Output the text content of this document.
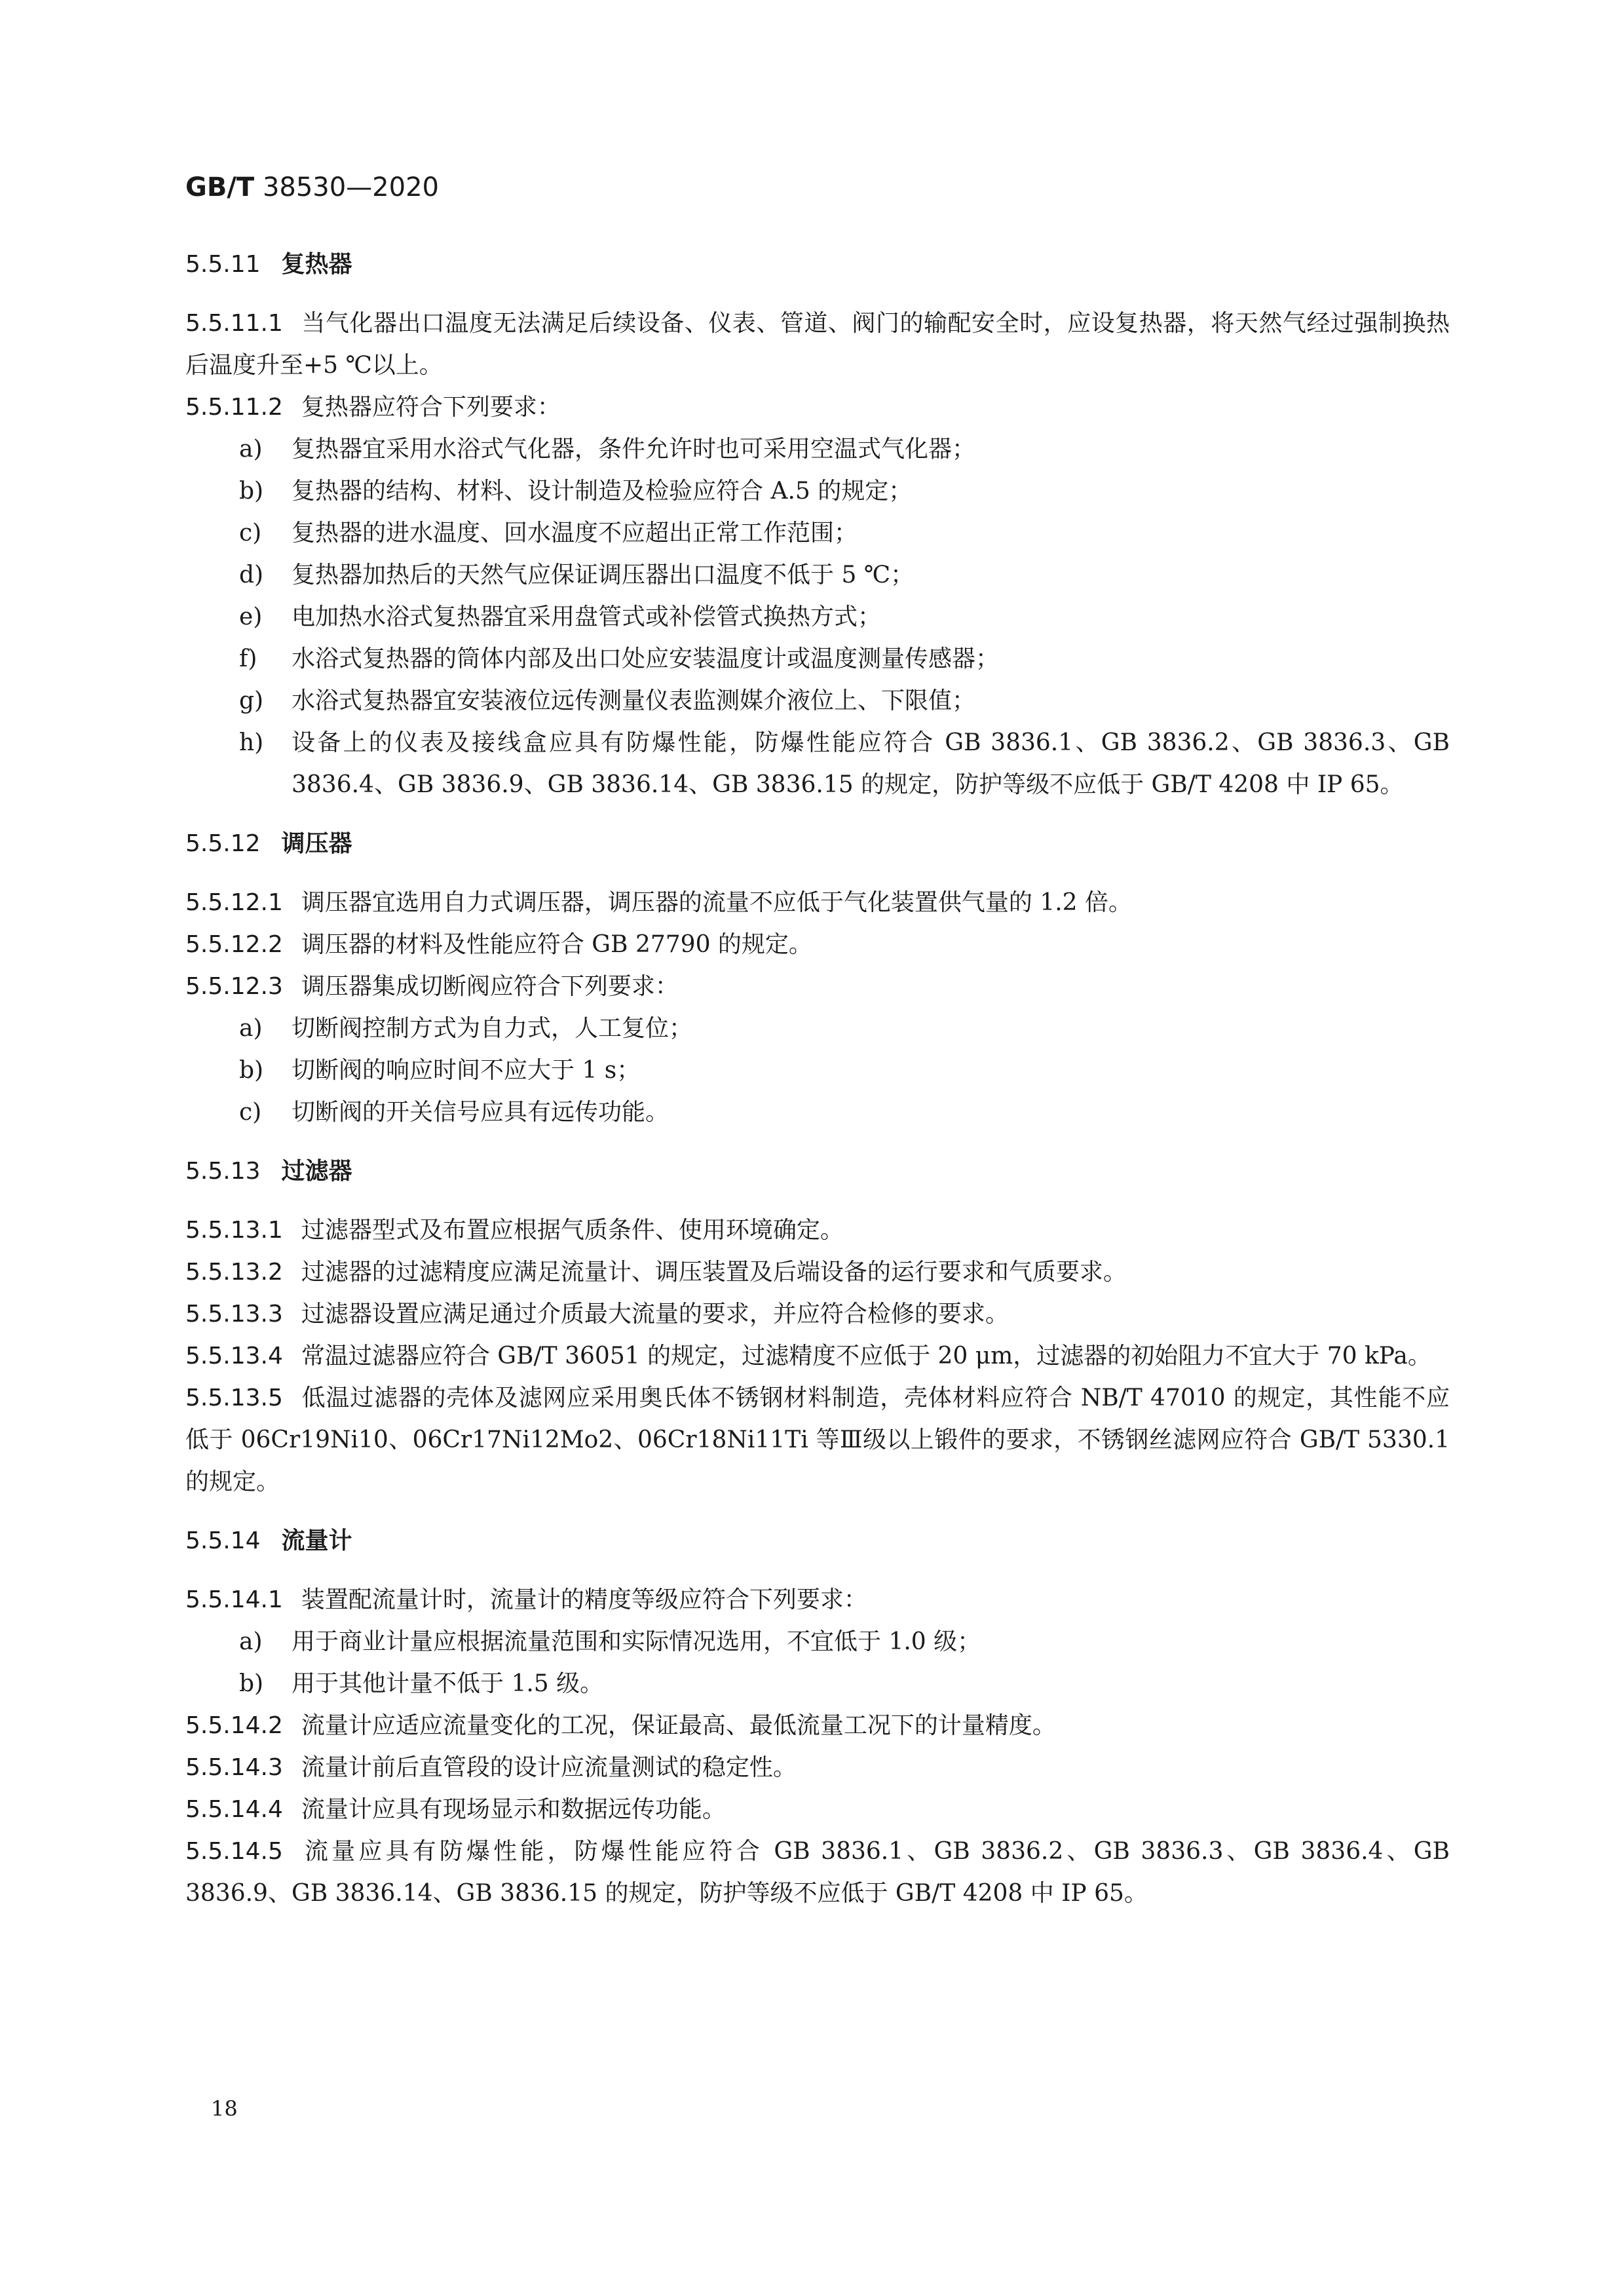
GB/T 38530—2020
5.5.11 复热器

5.5.11.1 当气化器出口温度无法满足后续设备、仪表、管道、阀门的输配安全时，应设复热器，将天然气经过强制换热后温度升至+5 ℃以上。

5.5.11.2 复热器应符合下列要求：

a)	复热器宜采用水浴式气化器，条件允许时也可采用空温式气化器；
b)	复热器的结构、材料、设计制造及检验应符合 A.5 的规定；
c)	复热器的进水温度、回水温度不应超出正常工作范围；
d)	复热器加热后的天然气应保证调压器出口温度不低于 5 ℃；
e)	电加热水浴式复热器宜采用盘管式或补偿管式换热方式；
f)	水浴式复热器的筒体内部及出口处应安装温度计或温度测量传感器；
g)	水浴式复热器宜安装液位远传测量仪表监测媒介液位上、下限值；
h)	设备上的仪表及接线盒应具有防爆性能，防爆性能应符合 GB 3836.1、GB 3836.2、GB 3836.3、GB 3836.4、GB 3836.9、GB 3836.14、GB 3836.15 的规定，防护等级不应低于 GB/T 4208 中 IP 65。
5.5.12 调压器

5.5.12.1 调压器宜选用自力式调压器，调压器的流量不应低于气化装置供气量的 1.2 倍。

5.5.12.2 调压器的材料及性能应符合 GB 27790 的规定。

5.5.12.3 调压器集成切断阀应符合下列要求：

a)	切断阀控制方式为自力式，人工复位；
b)	切断阀的响应时间不应大于 1 s；
c)	切断阀的开关信号应具有远传功能。
5.5.13 过滤器

5.5.13.1 过滤器型式及布置应根据气质条件、使用环境确定。

5.5.13.2 过滤器的过滤精度应满足流量计、调压装置及后端设备的运行要求和气质要求。

5.5.13.3 过滤器设置应满足通过介质最大流量的要求，并应符合检修的要求。

5.5.13.4 常温过滤器应符合 GB/T 36051 的规定，过滤精度不应低于 20 μm，过滤器的初始阻力不宜大于 70 kPa。

5.5.13.5 低温过滤器的壳体及滤网应采用奥氏体不锈钢材料制造，壳体材料应符合 NB/T 47010 的规定，其性能不应低于 06Cr19Ni10、06Cr17Ni12Mo2、06Cr18Ni11Ti 等Ⅲ级以上锻件的要求，不锈钢丝滤网应符合 GB/T 5330.1 的规定。

5.5.14 流量计

5.5.14.1 装置配流量计时，流量计的精度等级应符合下列要求：

a)	用于商业计量应根据流量范围和实际情况选用，不宜低于 1.0 级；
b)	用于其他计量不低于 1.5 级。

5.5.14.2 流量计应适应流量变化的工况，保证最高、最低流量工况下的计量精度。

5.5.14.3 流量计前后直管段的设计应流量测试的稳定性。

5.5.14.4 流量计应具有现场显示和数据远传功能。

5.5.14.5 流量应具有防爆性能，防爆性能应符合 GB 3836.1、GB 3836.2、GB 3836.3、GB 3836.4、GB 3836.9、GB 3836.14、GB 3836.15 的规定，防护等级不应低于 GB/T 4208 中 IP 65。

18
